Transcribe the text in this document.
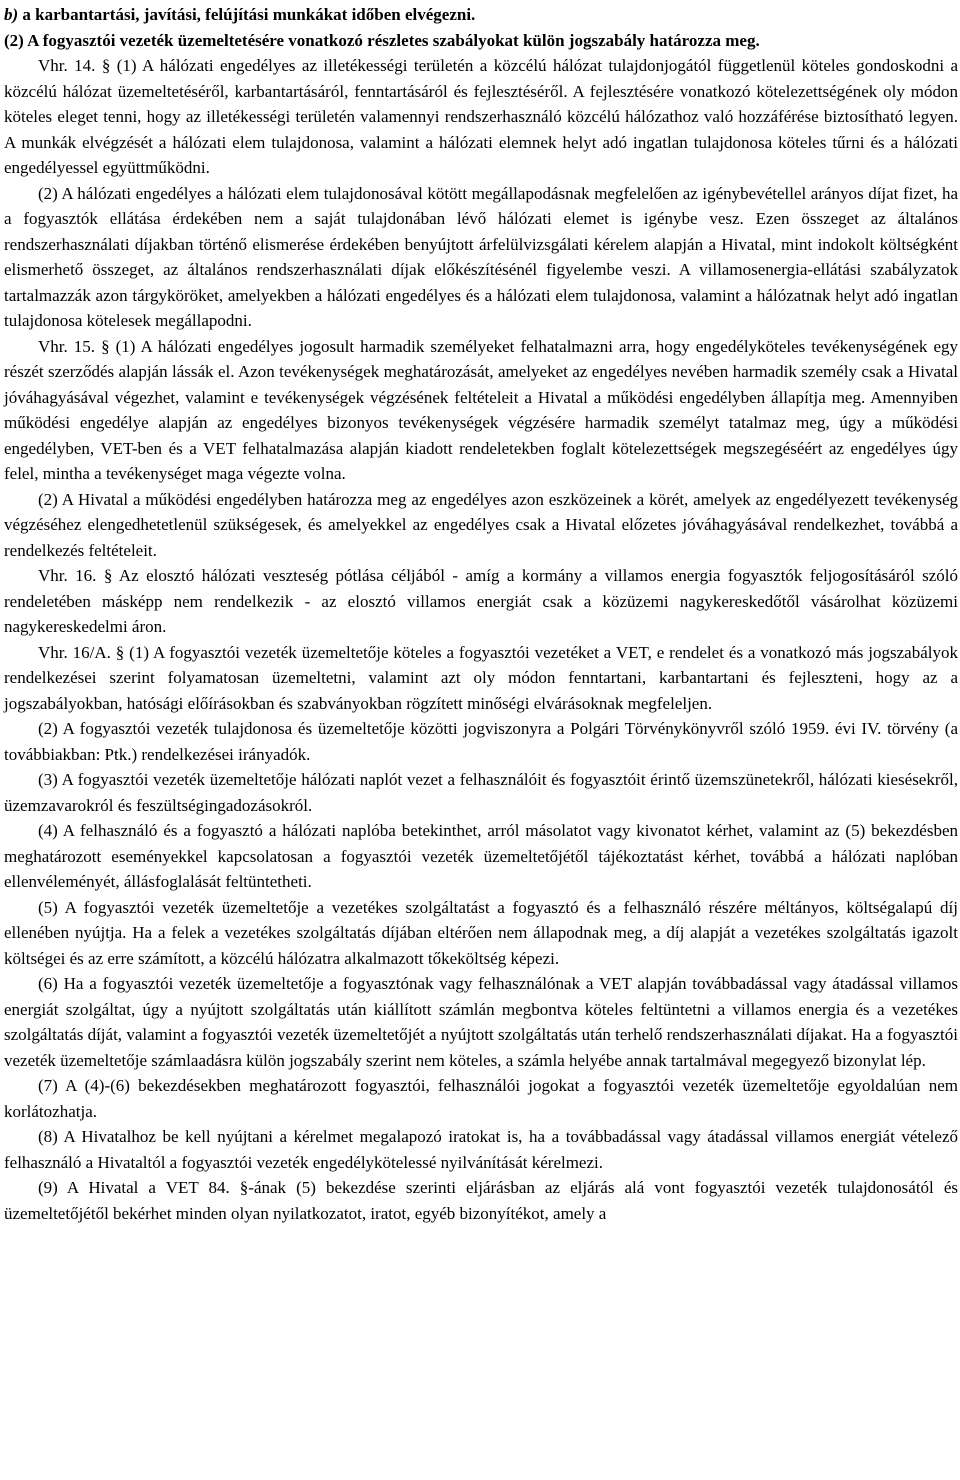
b) a karbantartási, javítási, felújítási munkákat időben elvégezni.

(2) A fogyasztói vezeték üzemeltetésére vonatkozó részletes szabályokat külön jogszabály határozza meg.

Vhr. 14. § (1) A hálózati engedélyes az illetékességi területén a közcélú hálózat tulajdonjogától függetlenül köteles gondoskodni a közcélú hálózat üzemeltetéséről, karbantartásáról, fenntartásáról és fejlesztéséről. A fejlesztésére vonatkozó kötelezettségének oly módon köteles eleget tenni, hogy az illetékességi területén valamennyi rendszerhasználó közcélú hálózathoz való hozzáférése biztosítható legyen. A munkák elvégzését a hálózati elem tulajdonosa, valamint a hálózati elemnek helyt adó ingatlan tulajdonosa köteles tűrni és a hálózati engedélyessel együttműködni.

(2) A hálózati engedélyes a hálózati elem tulajdonosával kötött megállapodásnak megfelelően az igénybevétellel arányos díjat fizet, ha a fogyasztók ellátása érdekében nem a saját tulajdonában lévő hálózati elemet is igénybe vesz. Ezen összeget az általános rendszerhasználati díjakban történő elismerése érdekében benyújtott árfelülvizsgálati kérelem alapján a Hivatal, mint indokolt költségként elismerhető összeget, az általános rendszerhasználati díjak előkészítésénél figyelembe veszi. A villamosenergia-ellátási szabályzatok tartalmazzák azon tárgyköröket, amelyekben a hálózati engedélyes és a hálózati elem tulajdonosa, valamint a hálózatnak helyt adó ingatlan tulajdonosa kötelesek megállapodni.

Vhr. 15. § (1) A hálózati engedélyes jogosult harmadik személyeket felhatalmazni arra, hogy engedélyköteles tevékenységének egy részét szerződés alapján lássák el. Azon tevékenységek meghatározását, amelyeket az engedélyes nevében harmadik személy csak a Hivatal jóváhagyásával végezhet, valamint e tevékenységek végzésének feltételeit a Hivatal a működési engedélyben állapítja meg. Amennyiben működési engedélye alapján az engedélyes bizonyos tevékenységek végzésére harmadik személyt tatalmaz meg, úgy a működési engedélyben, VET-ben és a VET felhatalmazása alapján kiadott rendeletekben foglalt kötelezettségek megszegéséért az engedélyes úgy felel, mintha a tevékenységet maga végezte volna.

(2) A Hivatal a működési engedélyben határozza meg az engedélyes azon eszközeinek a körét, amelyek az engedélyezett tevékenység végzéséhez elengedhetetlenül szükségesek, és amelyekkel az engedélyes csak a Hivatal előzetes jóváhagyásával rendelkezhet, továbbá a rendelkezés feltételeit.

Vhr. 16. § Az elosztó hálózati veszteség pótlása céljából - amíg a kormány a villamos energia fogyasztók feljogosításáról szóló rendeletében másképp nem rendelkezik - az elosztó villamos energiát csak a közüzemi nagykereskedőtől vásárolhat közüzemi nagykereskedelmi áron.

Vhr. 16/A. § (1) A fogyasztói vezeték üzemeltetője köteles a fogyasztói vezetéket a VET, e rendelet és a vonatkozó más jogszabályok rendelkezései szerint folyamatosan üzemeltetni, valamint azt oly módon fenntartani, karbantartani és fejleszteni, hogy az a jogszabályokban, hatósági előírásokban és szabványokban rögzített minőségi elvárásoknak megfeleljen.

(2) A fogyasztói vezeték tulajdonosa és üzemeltetője közötti jogviszonyra a Polgári Törvénykönyvről szóló 1959. évi IV. törvény (a továbbiakban: Ptk.) rendelkezései irányadók.

(3) A fogyasztói vezeték üzemeltetője hálózati naplót vezet a felhasználóit és fogyasztóit érintő üzemszünetekről, hálózati kiesésekről, üzemzavarokról és feszültségingadozásokról.

(4) A felhasználó és a fogyasztó a hálózati naplóba betekinthet, arról másolatot vagy kivonatot kérhet, valamint az (5) bekezdésben meghatározott eseményekkel kapcsolatosan a fogyasztói vezeték üzemeltetőjétől tájékoztatást kérhet, továbbá a hálózati naplóban ellenvéleményét, állásfoglalását feltüntetheti.

(5) A fogyasztói vezeték üzemeltetője a vezetékes szolgáltatást a fogyasztó és a felhasználó részére méltányos, költségalapú díj ellenében nyújtja. Ha a felek a vezetékes szolgáltatás díjában eltérően nem állapodnak meg, a díj alapját a vezetékes szolgáltatás igazolt költségei és az erre számított, a közcélú hálózatra alkalmazott tőkeköltség képezi.

(6) Ha a fogyasztói vezeték üzemeltetője a fogyasztónak vagy felhasználónak a VET alapján továbbadással vagy átadással villamos energiát szolgáltat, úgy a nyújtott szolgáltatás után kiállított számlán megbontva köteles feltüntetni a villamos energia és a vezetékes szolgáltatás díját, valamint a fogyasztói vezeték üzemeltetőjét a nyújtott szolgáltatás után terhelő rendszerhasználati díjakat. Ha a fogyasztói vezeték üzemeltetője számlaadásra külön jogszabály szerint nem köteles, a számla helyébe annak tartalmával megegyező bizonylat lép.

(7) A (4)-(6) bekezdésekben meghatározott fogyasztói, felhasználói jogokat a fogyasztói vezeték üzemeltetője egyoldalúan nem korlátozhatja.

(8) A Hivatalhoz be kell nyújtani a kérelmet megalapozó iratokat is, ha a továbbadással vagy átadással villamos energiát vételező felhasználó a Hivataltól a fogyasztói vezeték engedélykötelessé nyilvánítását kérelmezi.

(9) A Hivatal a VET 84. §-ának (5) bekezdése szerinti eljárásban az eljárás alá vont fogyasztói vezeték tulajdonosától és üzemeltetőjétől bekérhet minden olyan nyilatkozatot, iratot, egyéb bizonyítékot, amely a
